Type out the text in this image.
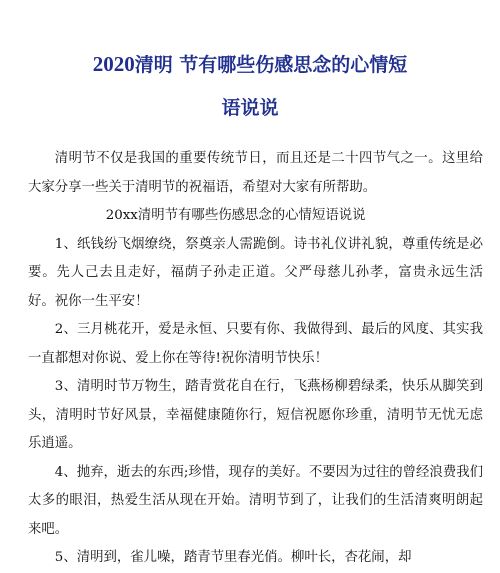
2020清明 节有哪些伤感思念的心情短
语说说

清明节不仅是我国的重要传统节日，而且还是二十四节气之一。这里给大家分享一些关于清明节的祝福语，希望对大家有所帮助。

20xx清明节有哪些伤感思念的心情短语说说

1、纸钱纷飞烟缭绕，祭奠亲人需跪倒。诗书礼仪讲礼貌，尊重传统是必要。先人己去且走好，福荫子孙走正道。父严母慈儿孙孝，富贵永远生活好。祝你一生平安！

2、三月桃花开，爱是永恒、只要有你、我做得到、最后的风度、其实我一直都想对你说、爱上你在等待!祝你清明节快乐！

3、清明时节万物生，踏青赏花自在行，飞燕杨柳碧绿柔，快乐从脚笑到头，清明时节好风景，幸福健康随你行，短信祝愿你珍重，清明节无忧无虑乐逍遥。

4、抛弃，逝去的东西;珍惜，现存的美好。不要因为过往的曾经浪费我们太多的眼泪，热爱生活从现在开始。清明节到了，让我们的生活清爽明朗起来吧。

5、清明到，雀儿噪，踏青节里春光俏。柳叶长，杏花闹，却
